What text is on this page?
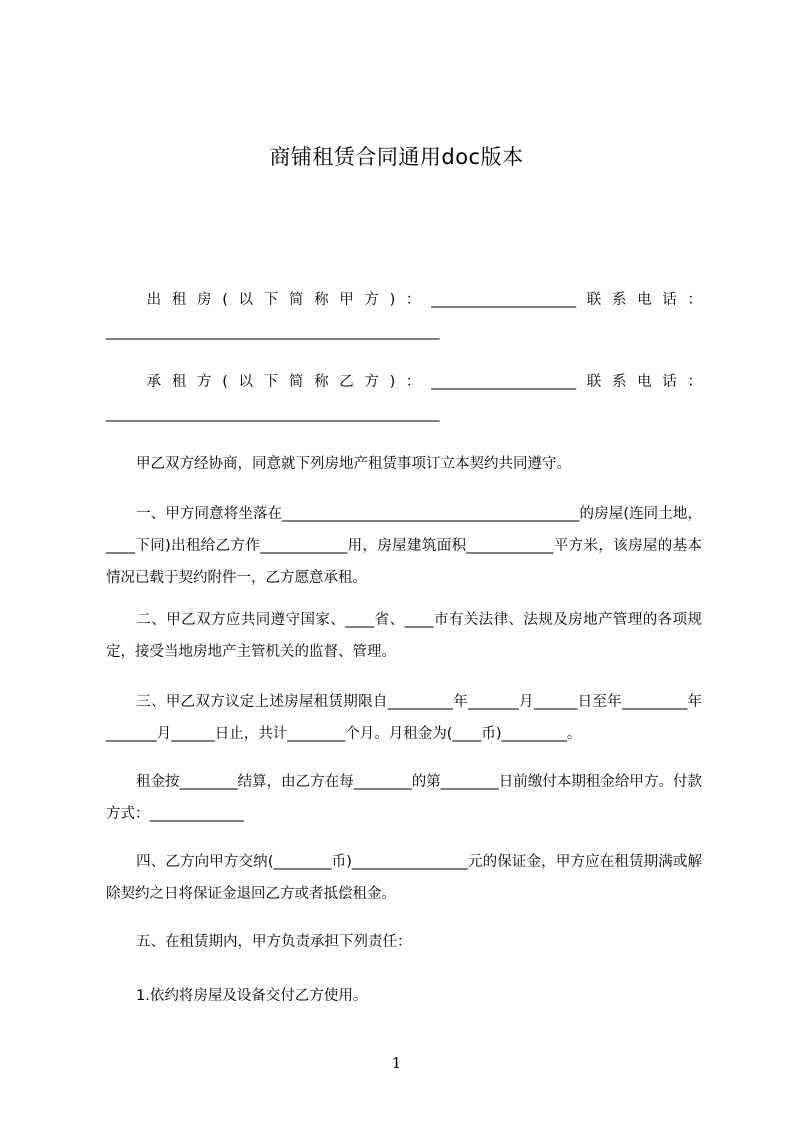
商铺租赁合同通用doc版本

出租房(以下简称甲方)：____________________联系电话：______________________________________________

承租方(以下简称乙方)：____________________联系电话：______________________________________________

甲乙双方经协商，同意就下列房地产租赁事项订立本契约共同遵守。

一、甲方同意将坐落在_________________________________________的房屋(连同土地，____下同)出租给乙方作____________用，房屋建筑面积____________平方米，该房屋的基本情况已载于契约附件一，乙方愿意承租。

二、甲乙双方应共同遵守国家、____省、____市有关法律、法规及房地产管理的各项规定，接受当地房地产主管机关的监督、管理。

三、甲乙双方议定上述房屋租赁期限自_________年_______月______日至年_________年_______月______日止，共计________个月。月租金为(____币)_________。

租金按________结算，由乙方在每________的第________日前缴付本期租金给甲方。付款方式：_____________

四、乙方向甲方交纳(________币)________________元的保证金，甲方应在租赁期满或解除契约之日将保证金退回乙方或者抵偿租金。

五、在租赁期内，甲方负责承担下列责任：

1.依约将房屋及设备交付乙方使用。

1
